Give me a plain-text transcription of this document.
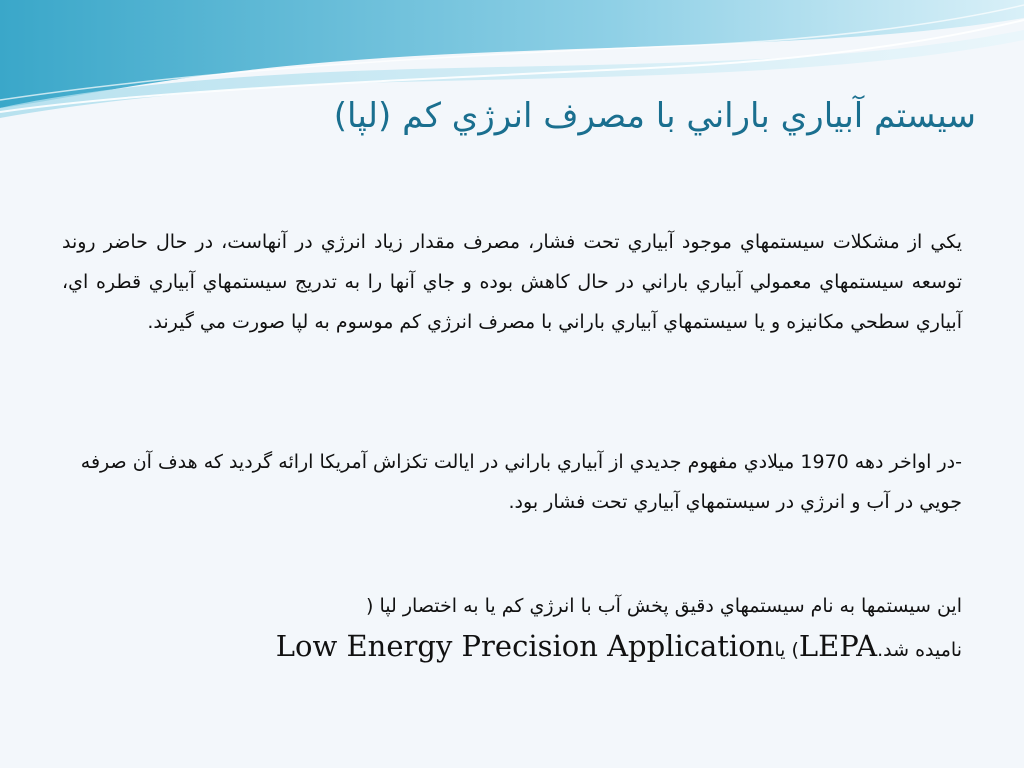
سيستم آبياري باراني با مصرف انرژي کم (لپا)
يکي از مشکلات سيستمهاي موجود آبياري تحت فشار، مصرف مقدار زياد انرژي در آنهاست، در حال حاضر روند توسعه سيستمهاي معمولي آبياري باراني در حال کاهش بوده و جاي آنها را به تدريج سيستمهاي آبياري قطره اي، آبياري سطحي مکانيزه و يا سيستمهاي آبياري باراني با مصرف انرژي کم موسوم به لپا صورت مي گيرند.
-در اواخر دهه 1970 ميلادي مفهوم جديدي از آبياري باراني در ايالت تکزاش آمريکا ارائه گرديد که هدف آن صرفه جويي در آب و انرژي در سيستمهاي آبياري تحت فشار بود.
اين سيستمها به نام سيستمهاي دقيق پخش آب با انرژي کم يا به اختصار لپا (
ناميده شد.LEPA) ياLow Energy Precision Application
